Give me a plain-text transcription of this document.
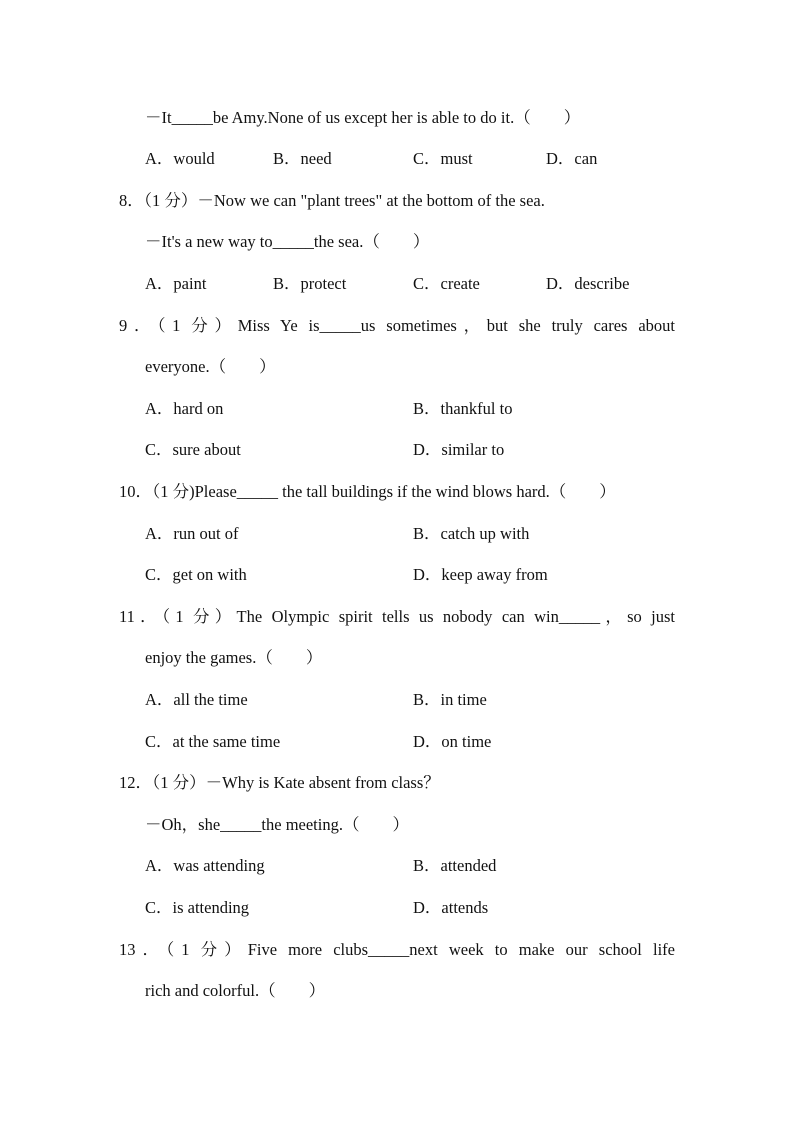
－It_____be Amy.None of us except her is able to do it.（　　）
A．would	B．need	C．must	D．can
8．（1 分）－Now we can "plant trees" at the bottom of the sea.
－It's a new way to_____the sea.（　　）
A．paint	B．protect	C．create	D．describe
9．（1 分）Miss Ye is_____us sometimes，but she truly cares about
everyone.（　　）
A．hard on	B．thankful to
C．sure about	D．similar to
10．（1 分)Please_____ the tall buildings if the wind blows hard.（　　）
A．run out of	B．catch up with
C．get on with	D．keep away from
11．（1 分）The Olympic spirit tells us nobody can win_____，so just
enjoy the games.（　　）
A．all the time	B．in time
C．at the same time	D．on time
12．（1 分）－Why is Kate absent from class？
－Oh，she_____the meeting.（　　）
A．was attending	B．attended
C．is attending	D．attends
13．（1 分）Five more clubs_____next week to make our school life
rich and colorful.（　　）
